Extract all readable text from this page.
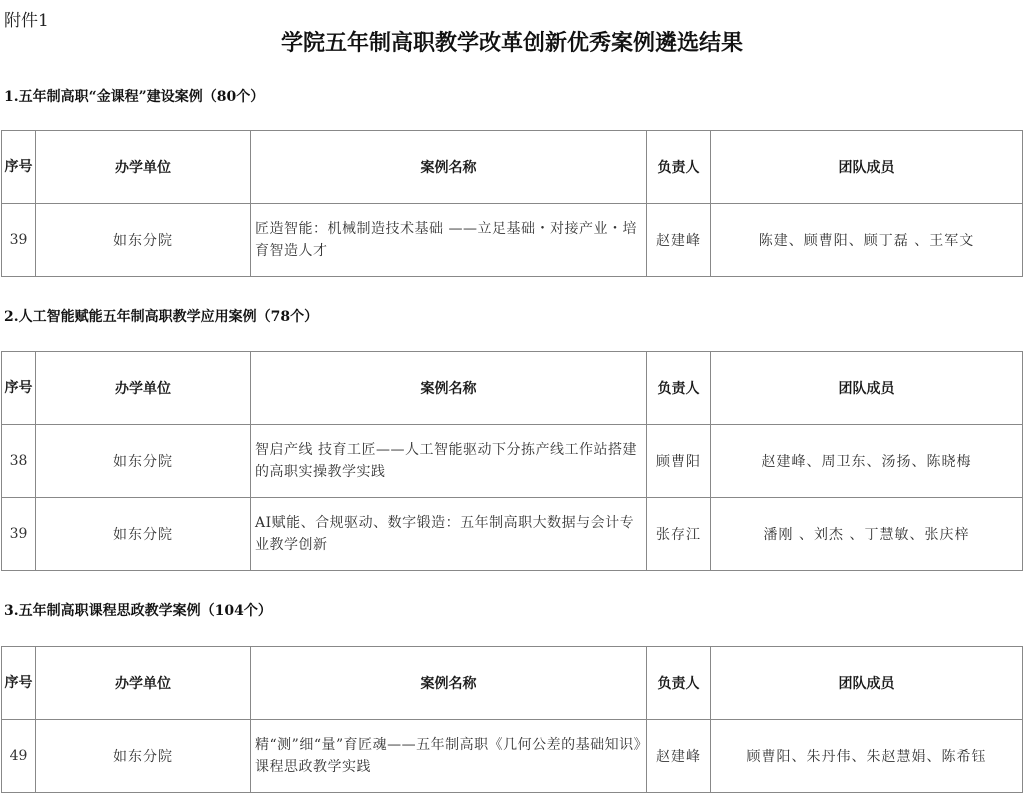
附件1
学院五年制高职教学改革创新优秀案例遴选结果
1.五年制高职“金课程”建设案例（80个）
序号	办学单位	案例名称	负责人	团队成员
39	如东分院	匠造智能：机械制造技术基础 ——立足基础・对接产业・培育智造人才	赵建峰	陈建、顾曹阳、顾丁磊 、王军文
2.人工智能赋能五年制高职教学应用案例（78个）
序号	办学单位	案例名称	负责人	团队成员
38	如东分院	智启产线 技育工匠——人工智能驱动下分拣产线工作站搭建的高职实操教学实践	顾曹阳	赵建峰、周卫东、汤扬、陈晓梅
39	如东分院	AI赋能、合规驱动、数字锻造：五年制高职大数据与会计专业教学创新	张存江	潘刚 、刘杰 、丁慧敏、张庆梓
3.五年制高职课程思政教学案例（104个）
序号	办学单位	案例名称	负责人	团队成员
49	如东分院	精“测”细“量”育匠魂——五年制高职《几何公差的基础知识》课程思政教学实践	赵建峰	顾曹阳、朱丹伟、朱赵慧娟、陈希钰
